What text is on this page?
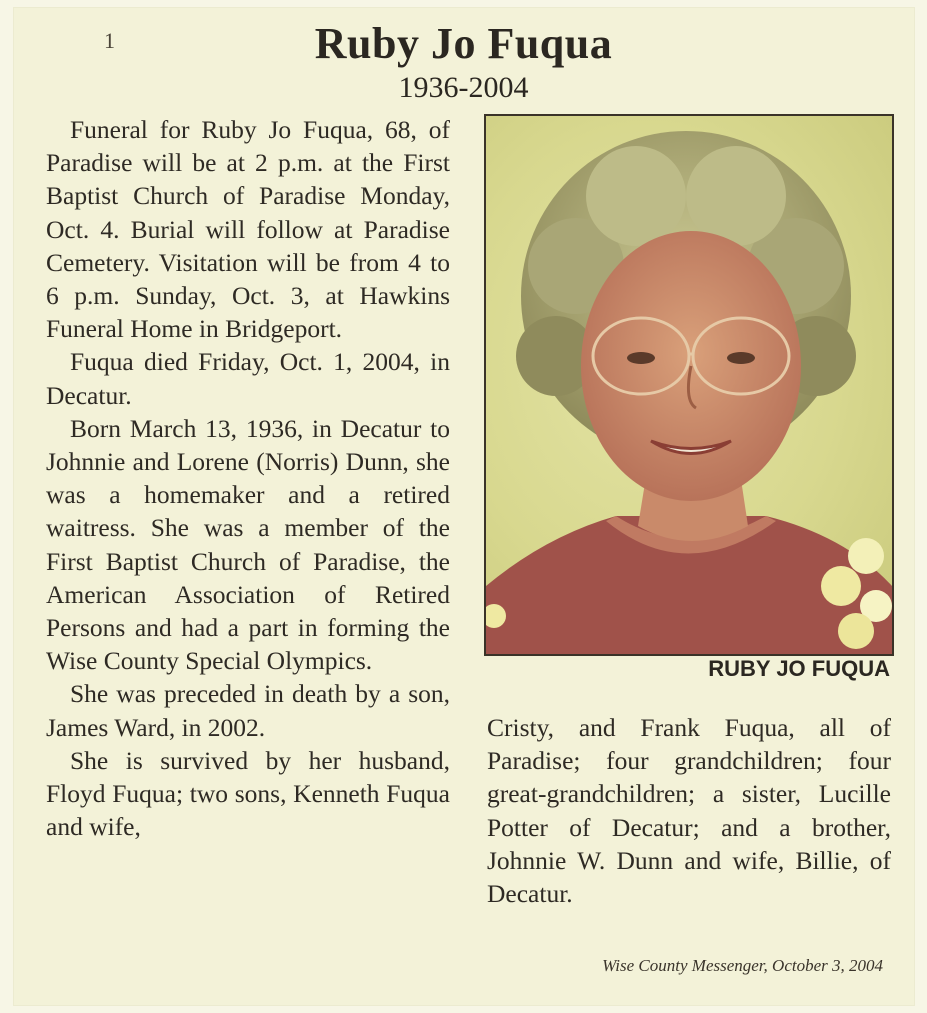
1	Ruby Jo Fuqua
1936-2004

Funeral for Ruby Jo Fuqua, 68, of Paradise will be at 2 p.m. at the First Baptist Church of Paradise Monday, Oct. 4. Burial will follow at Paradise Cemetery. Visitation will be from 4 to 6 p.m. Sunday, Oct. 3, at Hawkins Funeral Home in Bridgeport.

Fuqua died Friday, Oct. 1, 2004, in Decatur.

Born March 13, 1936, in Decatur to Johnnie and Lorene (Norris) Dunn, she was a homemaker and a retired waitress. She was a member of the First Baptist Church of Paradise, the American Association of Retired Persons and had a part in forming the Wise County Special Olympics.

She was preceded in death by a son, James Ward, in 2002.

She is survived by her husband, Floyd Fuqua; two sons, Kenneth Fuqua and wife,

RUBY JO FUQUA

Cristy, and Frank Fuqua, all of Paradise; four grandchildren; four great-grandchildren; a sister, Lucille Potter of Decatur; and a brother, Johnnie W. Dunn and wife, Billie, of Decatur.

Wise County Messenger, October 3, 2004
